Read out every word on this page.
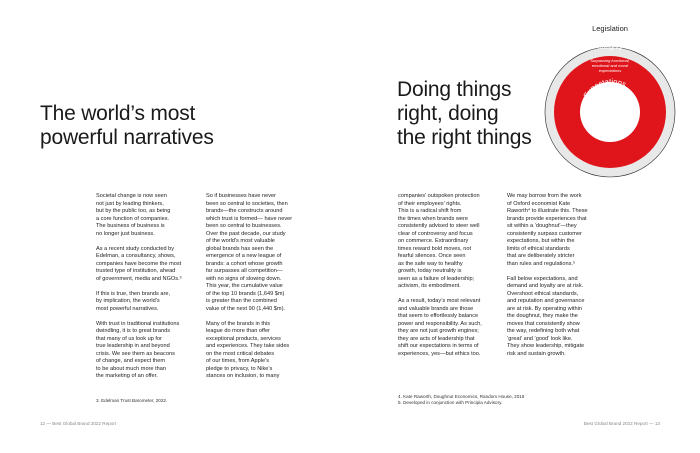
The world’s most
powerful narratives

Societal change is now seen
not just by leading thinkers,
but by the public too, as being
a core function of companies.
The business of business is
no longer just business.

As a recent study conducted by
Edelman, a consultancy, shows,
companies have become the most
trusted type of institution, ahead
of government, media and NGOs.³

If this is true, then brands are,
by implication, the world’s
most powerful narratives.

With trust in traditional institutions
dwindling, it is to great brands
that many of us look up for
true leadership in and beyond
crisis. We see them as beacons
of change, and expect them
to be about much more than
the marketing of an offer.

So if businesses have never
been so central to societies, then
brands—the constructs around
which trust is formed— have never
been so central to businesses.
Over the past decade, our study
of the world’s most valuable
global brands has seen the
emergence of a new league of
brands: a cohort whose growth
far surpasses all competition—
with no signs of slowing down.
This year, the cumulative value
of the top 10 brands (1,649 $m)
is greater than the combined
value of the next 90 (1,440 $m).

Many of the brands in this
league do more than offer
exceptional products, services
and experiences. They take sides
on the most critical debates
of our times, from Apple’s
pledge to privacy, to Nike’s
stances on inclusion, to many

3. Edelman Trust Barometer, 2022.
12 — Best Global Brand 2022 Report
Doing things
right, doing
the right things
Legislation
Integrity
Surpassing functional,
emotional and moral
expectations
Expectations

companies’ outspoken protection
of their employees’ rights.
This is a radical shift from
the times when brands were
consistently advised to steer well
clear of controversy and focus
on commerce. Extraordinary
times reward bold moves, not
fearful silences. Once seen
as the safe way to healthy
growth, today neutrality is
seen as a failure of leadership;
activism, its embodiment.

As a result, today’s most relevant
and valuable brands are those
that seem to effortlessly balance
power and responsibility. As such,
they are not just growth engines;
they are acts of leadership that
shift our expectations in terms of
experiences, yes—but ethics too.

We may borrow from the work
of Oxford economist Kate
Raworth⁴ to illustrate this. These
brands provide experiences that
sit within a ‘doughnut’—they
consistently surpass customer
expectations, but within the
limits of ethical standards
that are deliberately stricter
than rules and regulations.⁵

Fall below expectations, and
demand and loyalty are at risk.
Overshoot ethical standards,
and reputation and governance
are at risk. By operating within
the doughnut, they make the
moves that consistently show
the way, redefining both what
‘great’ and ‘good’ look like.
They show leadership, mitigate
risk and sustain growth.

4. Kate Raworth, Doughnut Economics, Random House, 2018
5. Developed in conjunction with Principia Advisory.
Best Global Brand 2022 Report — 13
